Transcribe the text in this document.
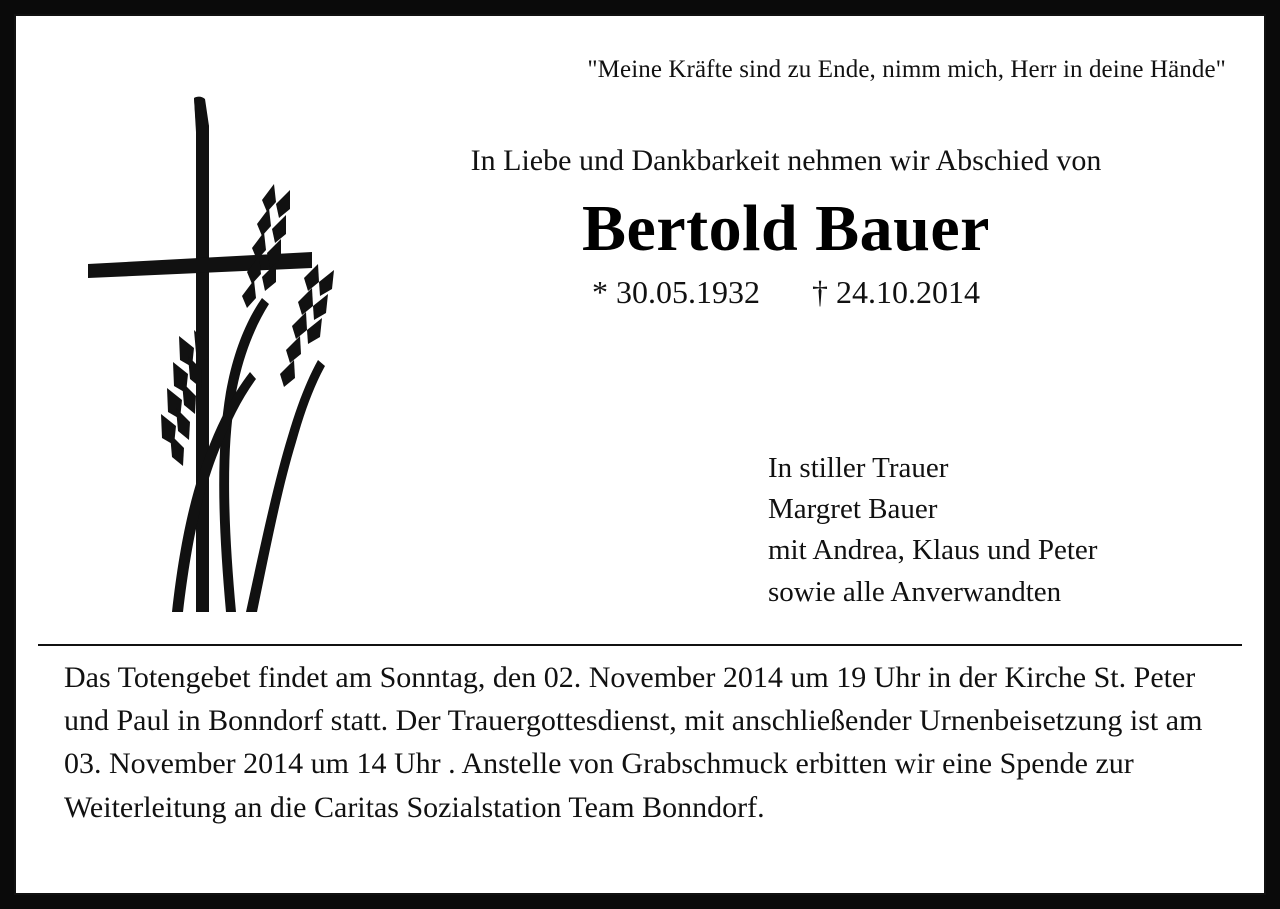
"Meine Kräfte sind zu Ende, nimm mich, Herr in deine Hände"
In Liebe und Dankbarkeit nehmen wir Abschied von
Bertold Bauer
* 30.05.1932 † 24.10.2014
In stiller Trauer
Margret Bauer
mit Andrea, Klaus und Peter
sowie alle Anverwandten
Das Totengebet findet am Sonntag, den 02. November 2014 um 19 Uhr in der Kirche St. Peter und Paul in Bonndorf statt. Der Trauergottesdienst, mit anschließender Urnenbeisetzung ist am 03. November 2014 um 14 Uhr . Anstelle von Grabschmuck erbitten wir eine Spende zur Weiterleitung an die Caritas Sozialstation Team Bonndorf.
